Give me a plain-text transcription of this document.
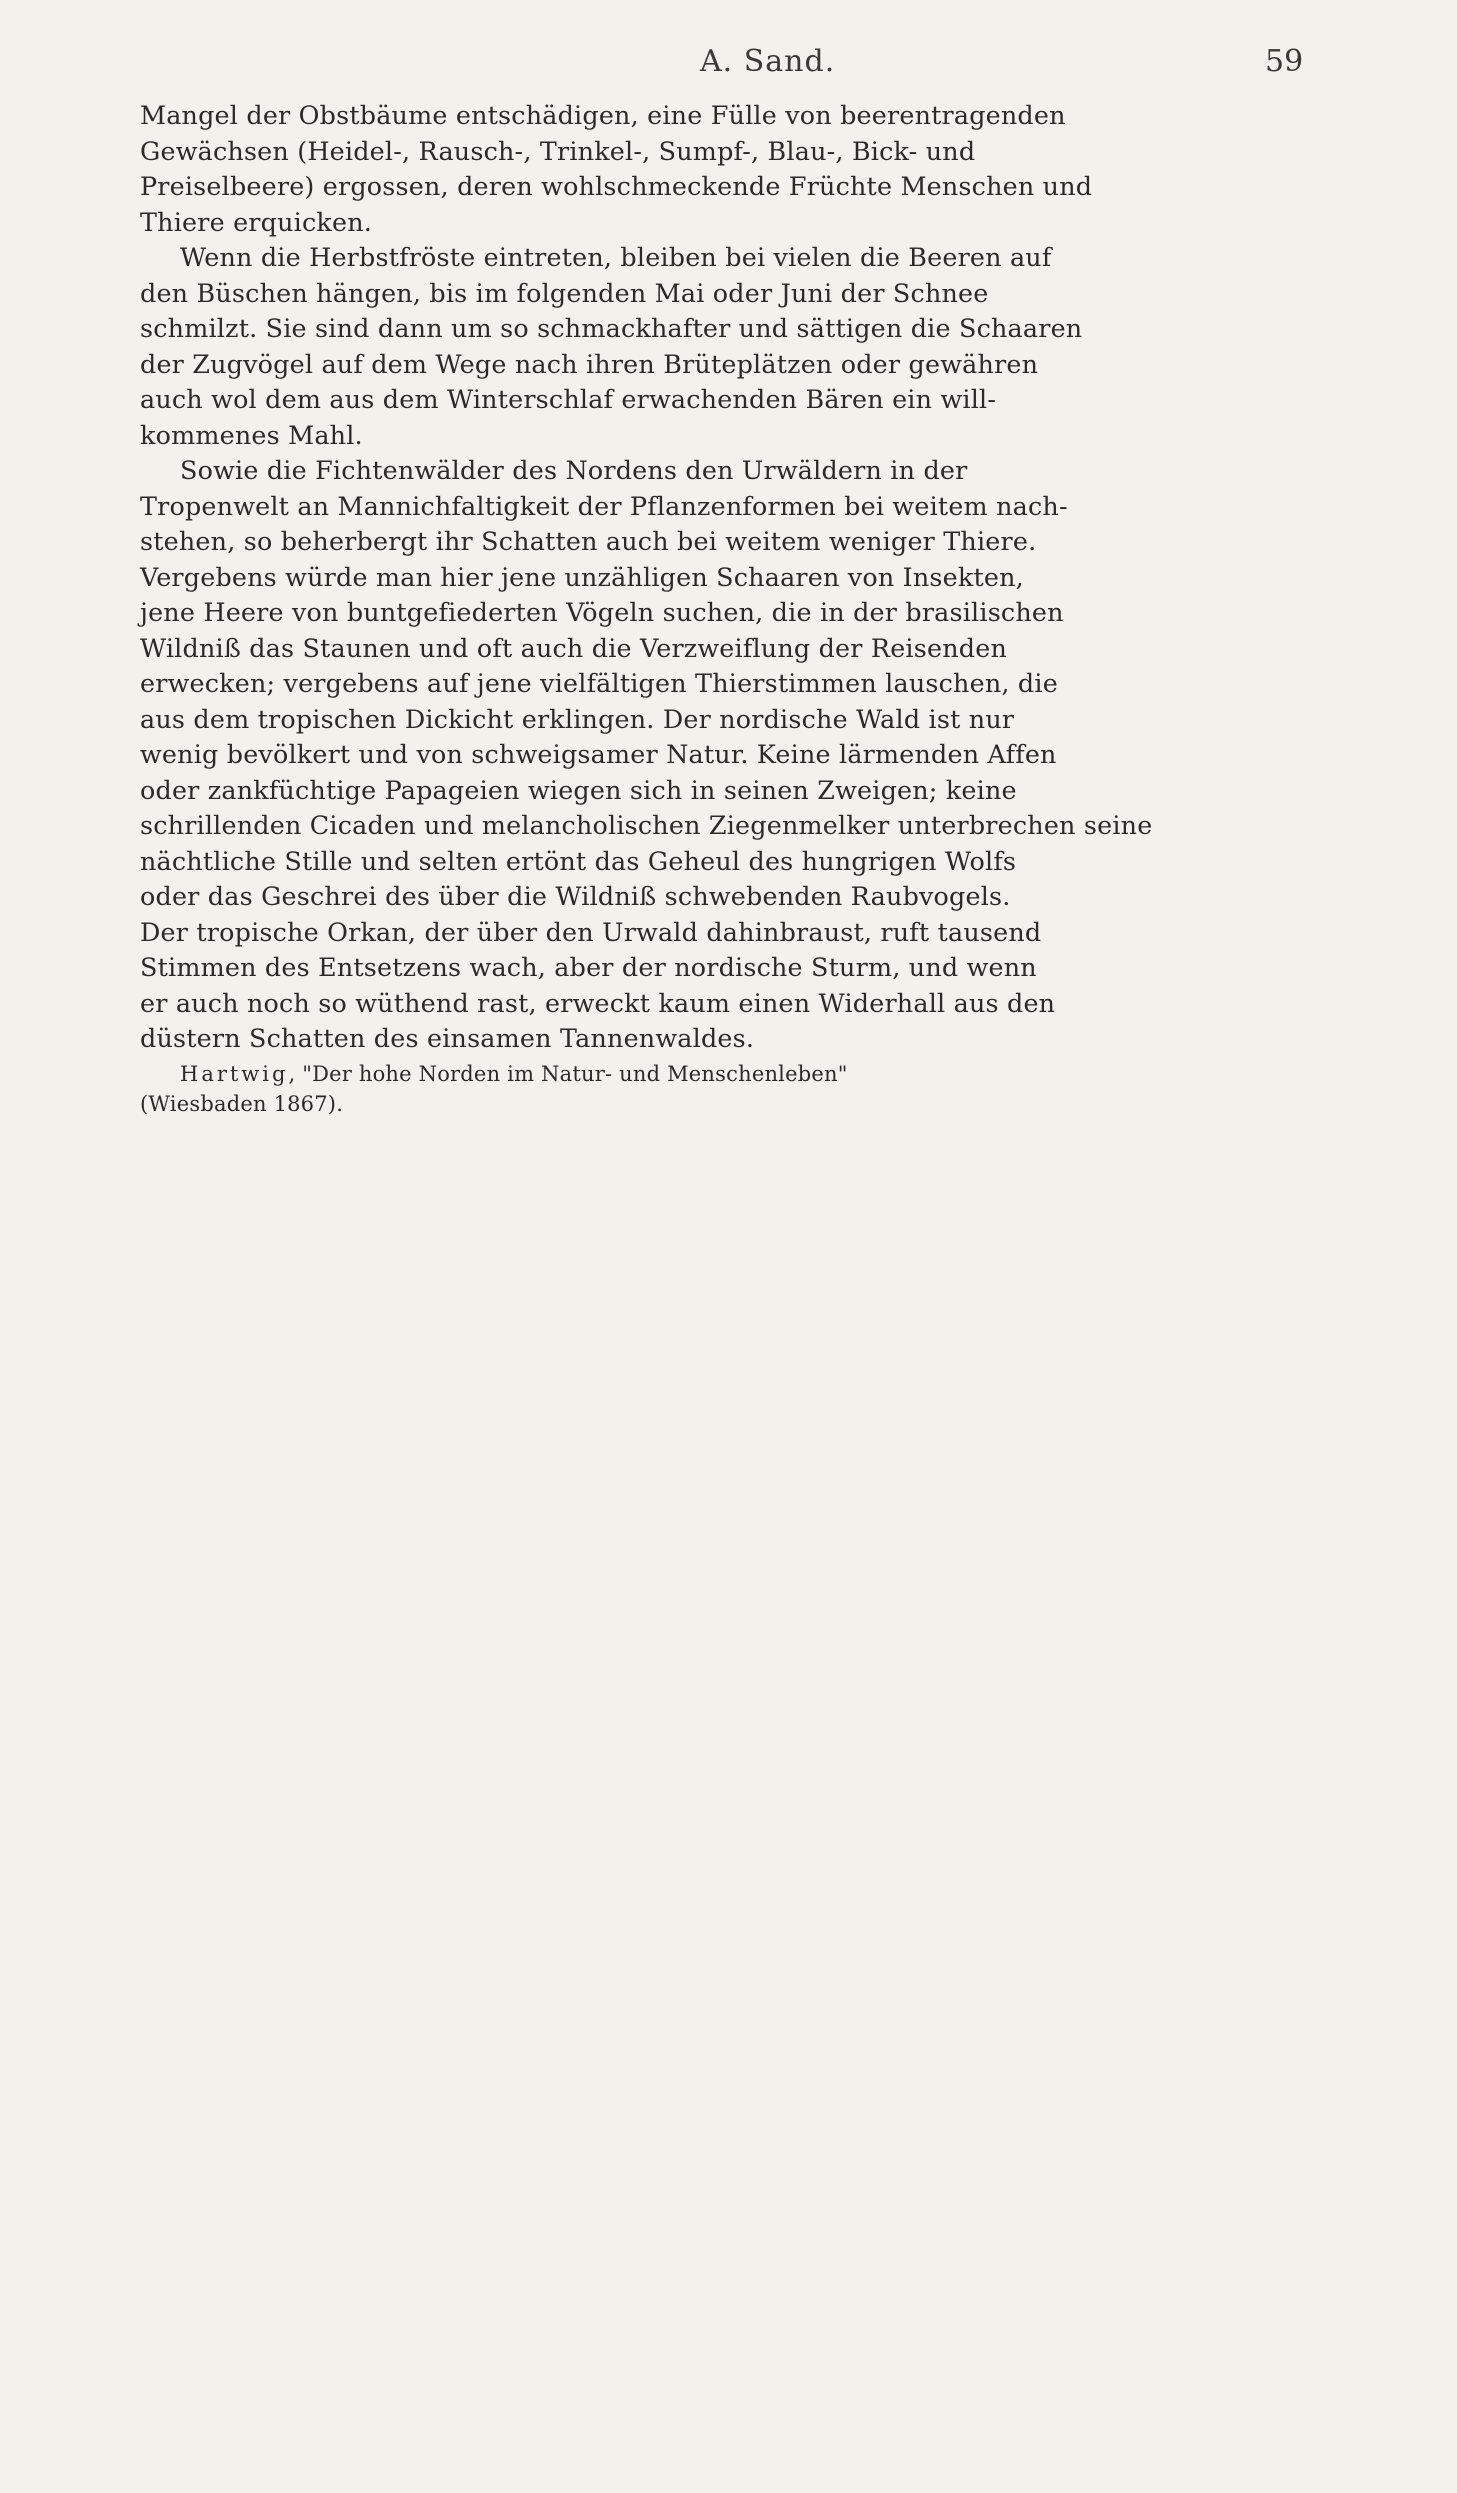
A. Sand.	59
Mangel der Obstbäume entschädigen, eine Fülle von beerentragenden
Gewächsen (Heidel-, Rausch-, Trinkel-, Sumpf-, Blau-, Bick- und
Preiselbeere) ergossen, deren wohlschmeckende Früchte Menschen und
Thiere erquicken.
Wenn die Herbstfröste eintreten, bleiben bei vielen die Beeren auf
den Büschen hängen, bis im folgenden Mai oder Juni der Schnee
schmilzt. Sie sind dann um so schmackhafter und sättigen die Schaaren
der Zugvögel auf dem Wege nach ihren Brüteplätzen oder gewähren
auch wol dem aus dem Winterschlaf erwachenden Bären ein will-
kommenes Mahl.
Sowie die Fichtenwälder des Nordens den Urwäldern in der
Tropenwelt an Mannichfaltigkeit der Pflanzenformen bei weitem nach-
stehen, so beherbergt ihr Schatten auch bei weitem weniger Thiere.
Vergebens würde man hier jene unzähligen Schaaren von Insekten,
jene Heere von buntgefiederten Vögeln suchen, die in der brasilischen
Wildniß das Staunen und oft auch die Verzweiflung der Reisenden
erwecken; vergebens auf jene vielfältigen Thierstimmen lauschen, die
aus dem tropischen Dickicht erklingen. Der nordische Wald ist nur
wenig bevölkert und von schweigsamer Natur. Keine lärmenden Affen
oder zankfüchtige Papageien wiegen sich in seinen Zweigen; keine
schrillenden Cicaden und melancholischen Ziegenmelker unterbrechen seine
nächtliche Stille und selten ertönt das Geheul des hungrigen Wolfs
oder das Geschrei des über die Wildniß schwebenden Raubvogels.
Der tropische Orkan, der über den Urwald dahinbraust, ruft tausend
Stimmen des Entsetzens wach, aber der nordische Sturm, und wenn
er auch noch so wüthend rast, erweckt kaum einen Widerhall aus den
düstern Schatten des einsamen Tannenwaldes.
Hartwig, "Der hohe Norden im Natur- und Menschenleben"
(Wiesbaden 1867).
